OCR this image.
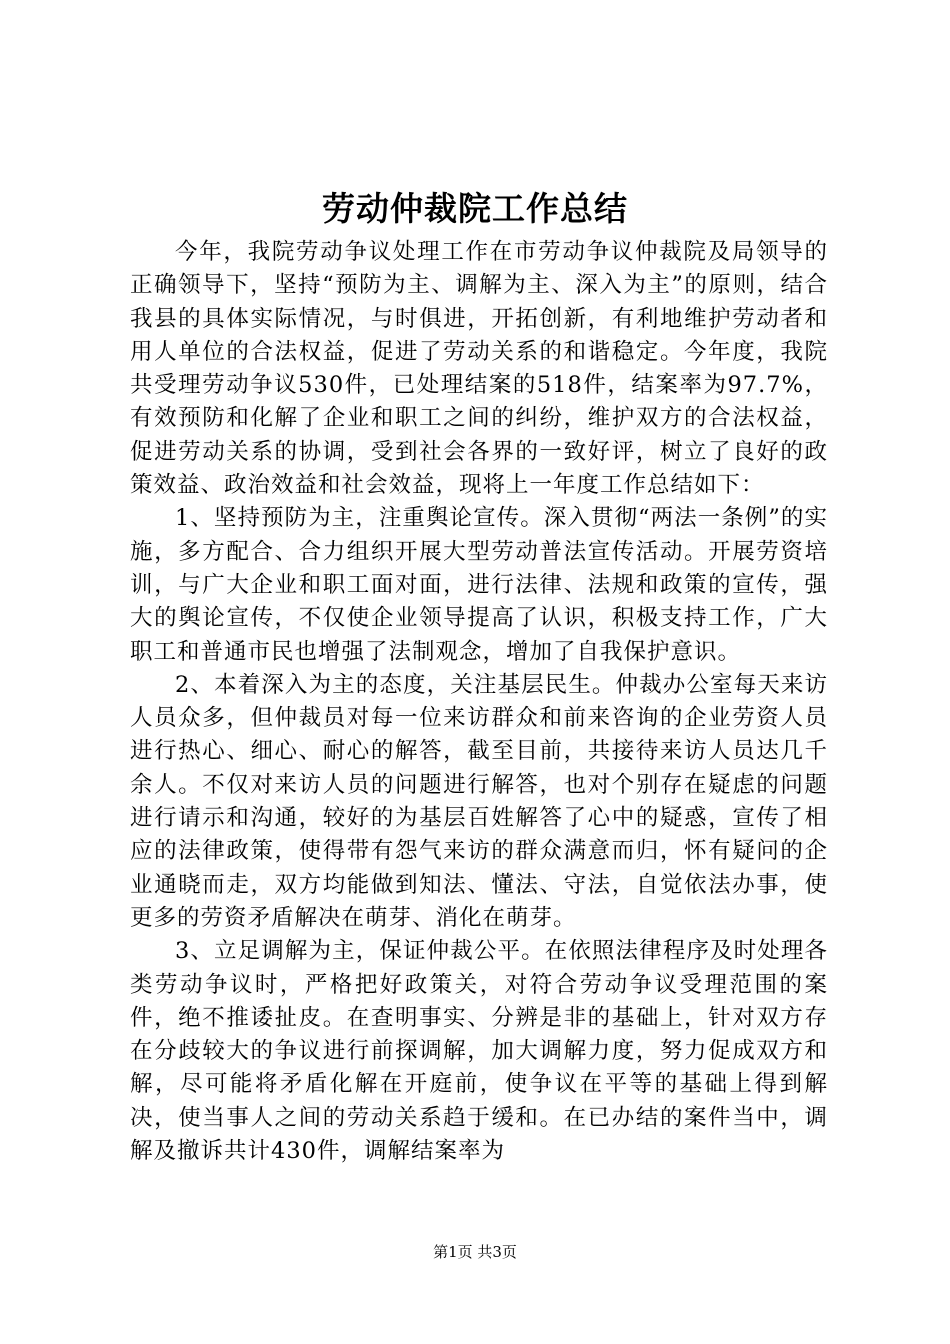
劳动仲裁院工作总结

今年，我院劳动争议处理工作在市劳动争议仲裁院及局领导的正确领导下，坚持“预防为主、调解为主、深入为主”的原则，结合我县的具体实际情况，与时俱进，开拓创新，有利地维护劳动者和用人单位的合法权益，促进了劳动关系的和谐稳定。今年度，我院共受理劳动争议530件，已处理结案的518件，结案率为97.7%，有效预防和化解了企业和职工之间的纠纷，维护双方的合法权益，促进劳动关系的协调，受到社会各界的一致好评，树立了良好的政策效益、政治效益和社会效益，现将上一年度工作总结如下：

1、坚持预防为主，注重舆论宣传。深入贯彻“两法一条例”的实施，多方配合、合力组织开展大型劳动普法宣传活动。开展劳资培训，与广大企业和职工面对面，进行法律、法规和政策的宣传，强大的舆论宣传，不仅使企业领导提高了认识，积极支持工作，广大职工和普通市民也增强了法制观念，增加了自我保护意识。

2、本着深入为主的态度，关注基层民生。仲裁办公室每天来访人员众多，但仲裁员对每一位来访群众和前来咨询的企业劳资人员进行热心、细心、耐心的解答，截至目前，共接待来访人员达几千余人。不仅对来访人员的问题进行解答，也对个别存在疑虑的问题进行请示和沟通，较好的为基层百姓解答了心中的疑惑，宣传了相应的法律政策，使得带有怨气来访的群众满意而归，怀有疑问的企业通晓而走，双方均能做到知法、懂法、守法，自觉依法办事，使更多的劳资矛盾解决在萌芽、消化在萌芽。

3、立足调解为主，保证仲裁公平。在依照法律程序及时处理各类劳动争议时，严格把好政策关，对符合劳动争议受理范围的案件，绝不推诿扯皮。在查明事实、分辨是非的基础上，针对双方存在分歧较大的争议进行前探调解，加大调解力度，努力促成双方和解，尽可能将矛盾化解在开庭前，使争议在平等的基础上得到解决，使当事人之间的劳动关系趋于缓和。在已办结的案件当中，调解及撤诉共计430件，调解结案率为

第1页 共3页
